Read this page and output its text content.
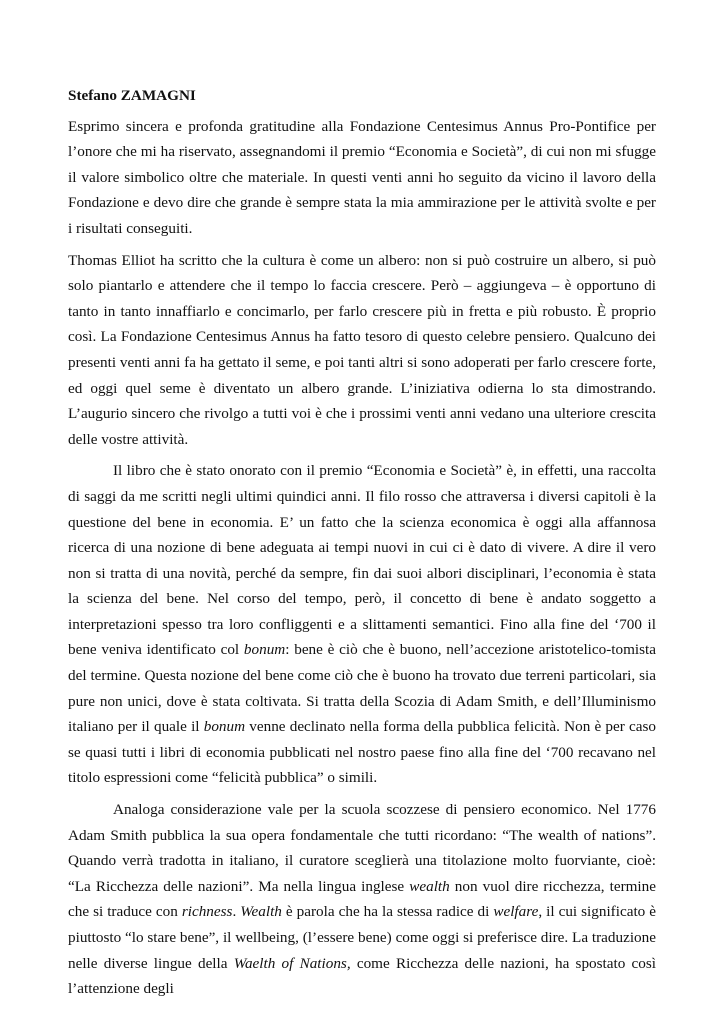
Stefano ZAMAGNI

Esprimo sincera e profonda gratitudine alla Fondazione Centesimus Annus Pro-Pontifice per l’onore che mi ha riservato, assegnandomi il premio “Economia e Società”, di cui non mi sfugge il valore simbolico oltre che materiale. In questi venti anni ho seguito da vicino il lavoro della Fondazione e devo dire che grande è sempre stata la mia ammirazione per le attività svolte e per i risultati conseguiti.

Thomas Elliot ha scritto che la cultura è come un albero: non si può costruire un albero, si può solo piantarlo e attendere che il tempo lo faccia crescere. Però – aggiungeva – è opportuno di tanto in tanto innaffiarlo e concimarlo, per farlo crescere più in fretta e più robusto. È proprio così. La Fondazione Centesimus Annus ha fatto tesoro di questo celebre pensiero. Qualcuno dei presenti venti anni fa ha gettato il seme, e poi tanti altri si sono adoperati per farlo crescere forte, ed oggi quel seme è diventato un albero grande. L’iniziativa odierna lo sta dimostrando. L’augurio sincero che rivolgo a tutti voi è che i prossimi venti anni vedano una ulteriore crescita delle vostre attività.

Il libro che è stato onorato con il premio “Economia e Società” è, in effetti, una raccolta di saggi da me scritti negli ultimi quindici anni. Il filo rosso che attraversa i diversi capitoli è la questione del bene in economia. E’ un fatto che la scienza economica è oggi alla affannosa ricerca di una nozione di bene adeguata ai tempi nuovi in cui ci è dato di vivere. A dire il vero non si tratta di una novità, perché da sempre, fin dai suoi albori disciplinari, l’economia è stata la scienza del bene. Nel corso del tempo, però, il concetto di bene è andato soggetto a interpretazioni spesso tra loro confliggenti e a slittamenti semantici. Fino alla fine del ‘700 il bene veniva identificato col bonum: bene è ciò che è buono, nell’accezione aristotelico-tomista del termine. Questa nozione del bene come ciò che è buono ha trovato due terreni particolari, sia pure non unici, dove è stata coltivata. Si tratta della Scozia di Adam Smith, e dell’Illuminismo italiano per il quale il bonum venne declinato nella forma della pubblica felicità. Non è per caso se quasi tutti i libri di economia pubblicati nel nostro paese fino alla fine del ‘700 recavano nel titolo espressioni come “felicità pubblica” o simili.

Analoga considerazione vale per la scuola scozzese di pensiero economico. Nel 1776 Adam Smith pubblica la sua opera fondamentale che tutti ricordano: “The wealth of nations”. Quando verrà tradotta in italiano, il curatore sceglierà una titolazione molto fuorviante, cioè: “La Ricchezza delle nazioni”. Ma nella lingua inglese wealth non vuol dire ricchezza, termine che si traduce con richness. Wealth è parola che ha la stessa radice di welfare, il cui significato è piuttosto “lo stare bene”, il wellbeing, (l’essere bene) come oggi si preferisce dire. La traduzione nelle diverse lingue della Waelth of Nations, come Ricchezza delle nazioni, ha spostato così l’attenzione degli
